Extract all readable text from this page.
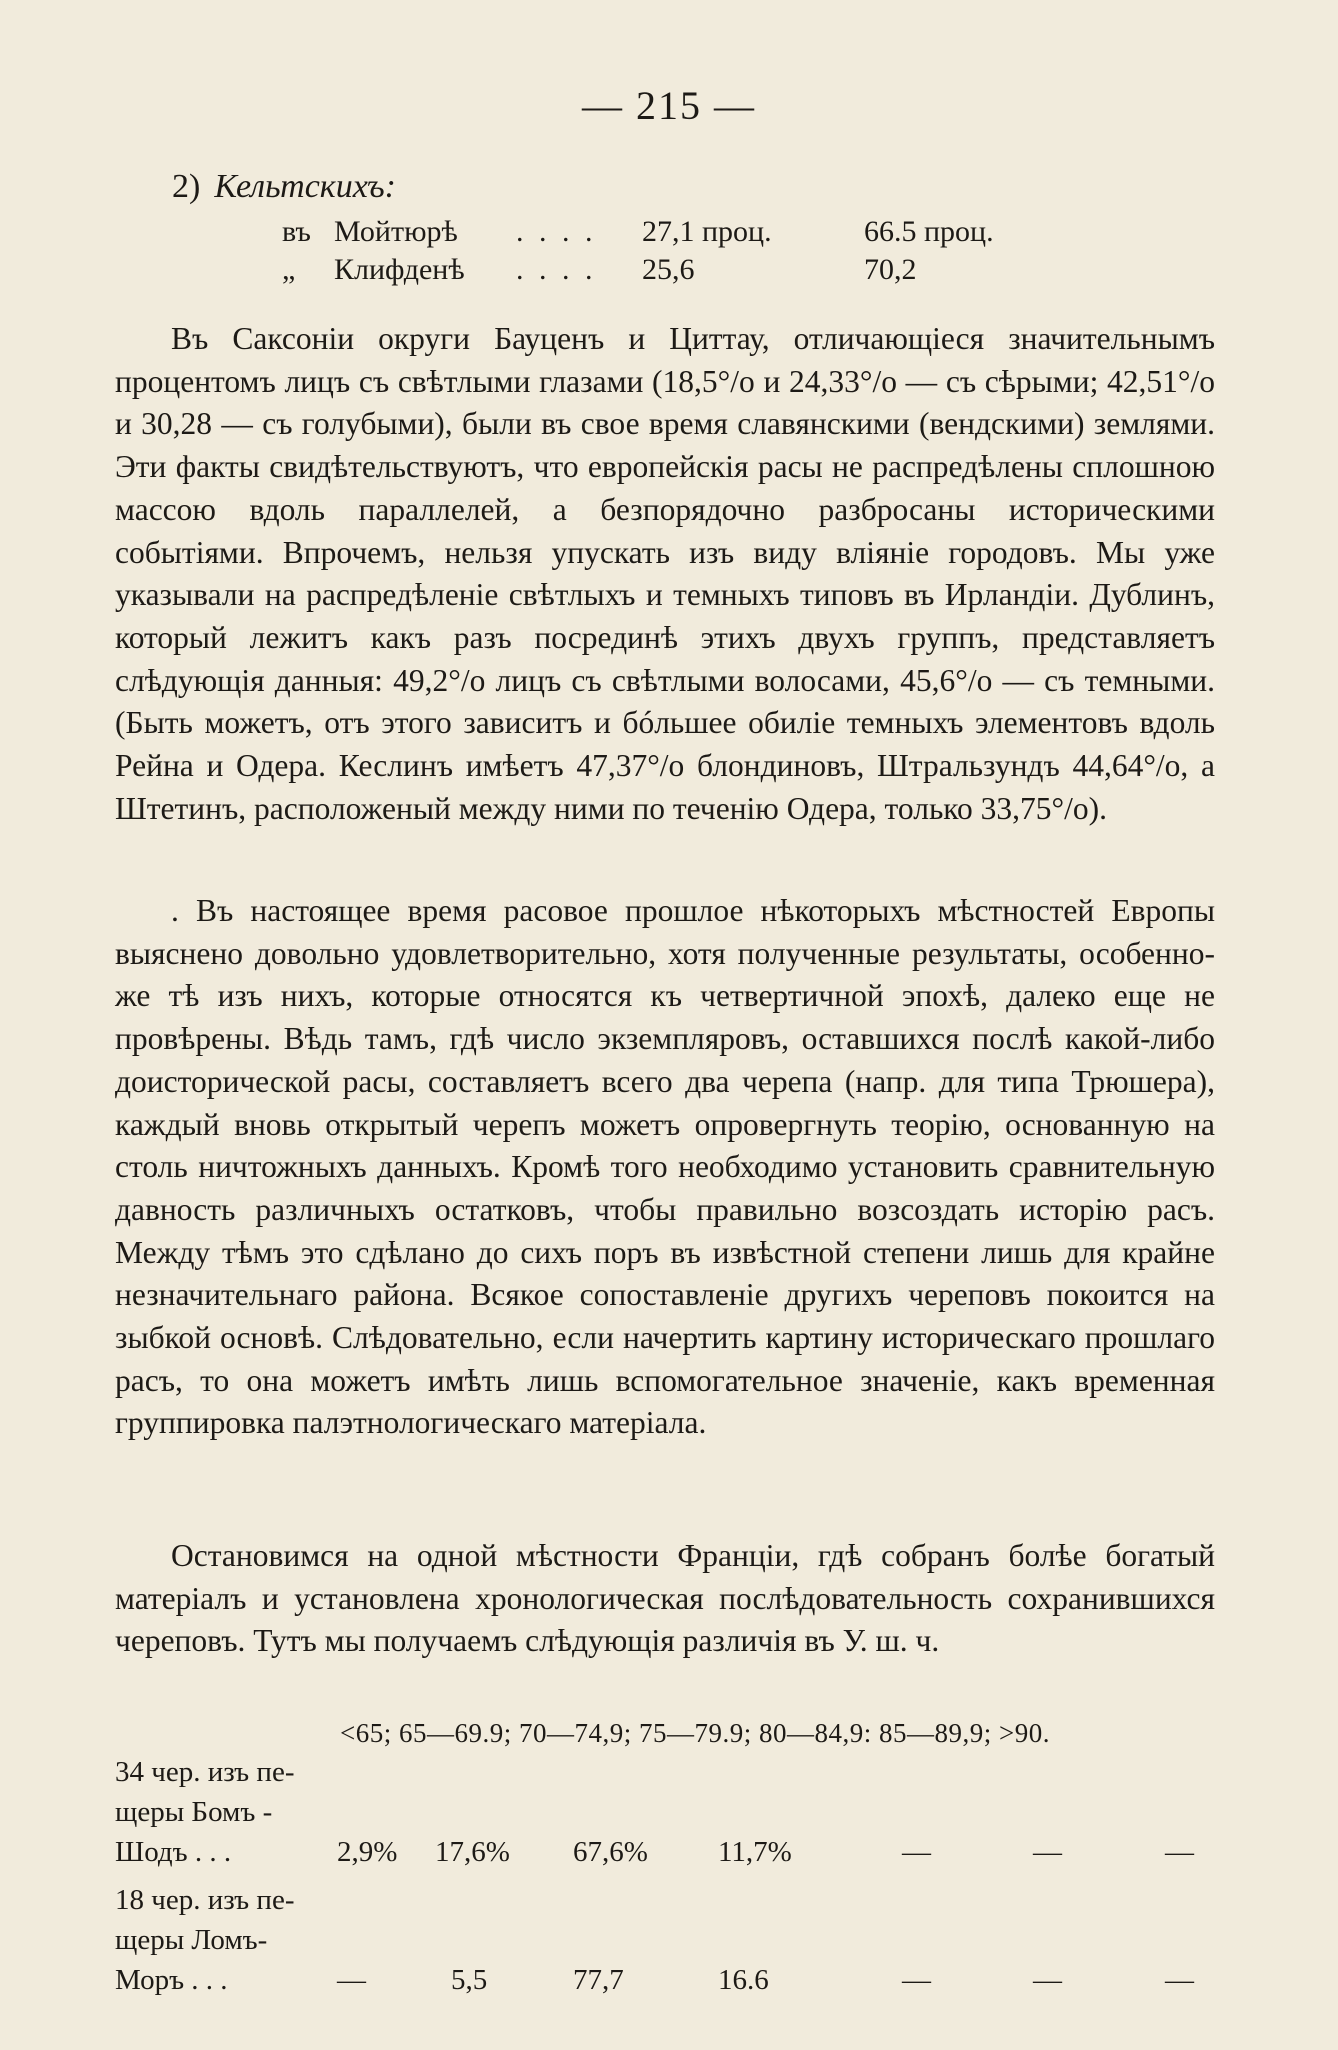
— 215 —
2) Кельтскихъ:
въ Мойтюрѣ . . . . 27,1 проц.	66.5 проц.
„ Клифденѣ . . . . 25,6	70,2

Въ Саксоніи округи Бауценъ и Циттау, отличающіеся значительнымъ процентомъ лицъ съ свѣтлыми глазами (18,5°/о и 24,33°/о — съ сѣрыми; 42,51°/о и 30,28 — съ голубыми), были въ свое время славянскими (вендскими) землями. Эти факты свидѣтельствуютъ, что европейскія расы не распредѣлены сплошною массою вдоль параллелей, а безпорядочно разбросаны историческими событіями. Впрочемъ, нельзя упускать изъ виду вліяніе городовъ. Мы уже указывали на распредѣленіе свѣтлыхъ и темныхъ типовъ въ Ирландіи. Дублинъ, который лежитъ какъ разъ посрединѣ этихъ двухъ группъ, представляетъ слѣдующія данныя: 49,2°/о лицъ съ свѣтлыми волосами, 45,6°/о — съ темными. (Быть можетъ, отъ этого зависитъ и бóльшее обиліе темныхъ элементовъ вдоль Рейна и Одера. Кеслинъ имѣетъ 47,37°/о блондиновъ, Штральзундъ 44,64°/о, а Штетинъ, расположеный между ними по теченію Одера, только 33,75°/о).

. Въ настоящее время расовое прошлое нѣкоторыхъ мѣстностей Европы выяснено довольно удовлетворительно, хотя полученные результаты, особенно-же тѣ изъ нихъ, которые относятся къ четвертичной эпохѣ, далеко еще не провѣрены. Вѣдь тамъ, гдѣ число экземпляровъ, оставшихся послѣ какой-либо доисторической расы, составляетъ всего два черепа (напр. для типа Трюшера), каждый вновь открытый черепъ можетъ опровергнуть теорію, основанную на столь ничтожныхъ данныхъ. Кромѣ того необходимо установить сравнительную давность различныхъ остатковъ, чтобы правильно возсоздать исторію расъ. Между тѣмъ это сдѣлано до сихъ поръ въ извѣстной степени лишь для крайне незначительнаго района. Всякое сопоставленіе другихъ череповъ покоится на зыбкой основѣ. Слѣдовательно, если начертить картину историческаго прошлаго расъ, то она можетъ имѣть лишь вспомогательное значеніе, какъ временная группировка палэтнологическаго матеріала.

Остановимся на одной мѣстности Франціи, гдѣ собранъ болѣе богатый матеріалъ и установлена хронологическая послѣдовательность сохранившихся череповъ. Тутъ мы получаемъ слѣдующія различія въ У. ш. ч.

<65; 65—69.9; 70—74,9; 75—79.9; 80—84,9: 85—89,9; >90.
34 чер. изъ пе-
щеры Бомъ -
Шодъ . . .	2,9% 17,6% 67,6% 11,7%	—	—	—
18 чер. изъ пе-
щеры Ломъ-
Моръ . . .	—	5,5	77,7	16.6	—	—	—
